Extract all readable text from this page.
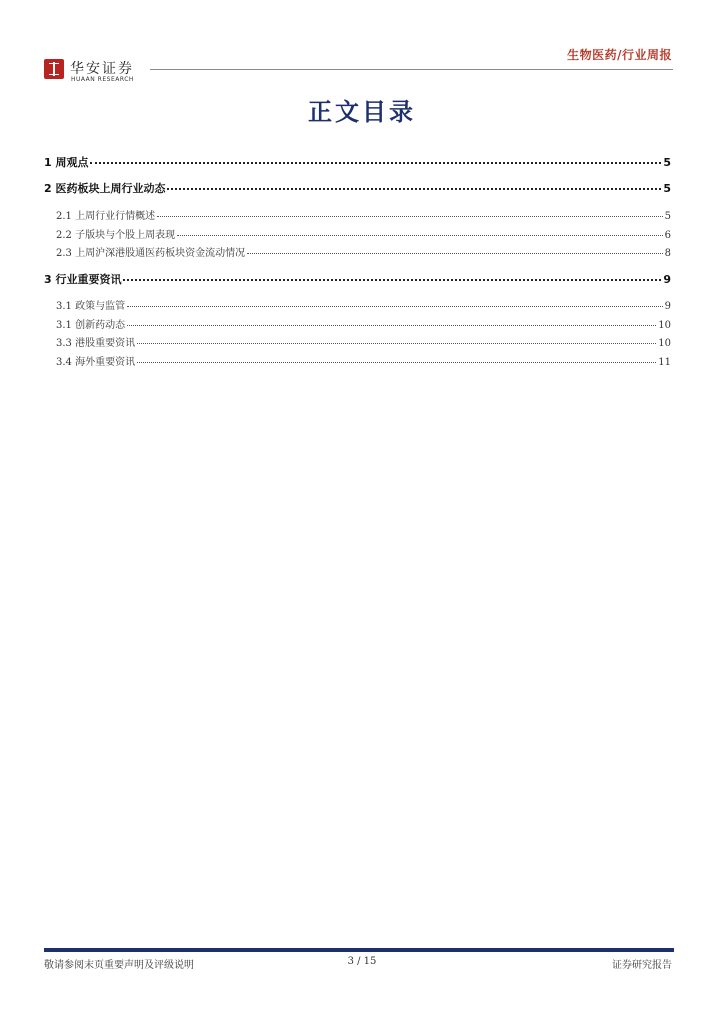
华安证券
HUAAN RESEARCH
生物医药/行业周报
正文目录
1 周观点	5
2 医药板块上周行业动态	5
2.1 上周行业行情概述	5
2.2 子版块与个股上周表现	6
2.3 上周沪深港股通医药板块资金流动情况	8
3 行业重要资讯	9
3.1 政策与监管	9
3.1 创新药动态	10
3.3 港股重要资讯	10
3.4 海外重要资讯	11
敬请参阅末页重要声明及评级说明	3 / 15	证券研究报告
